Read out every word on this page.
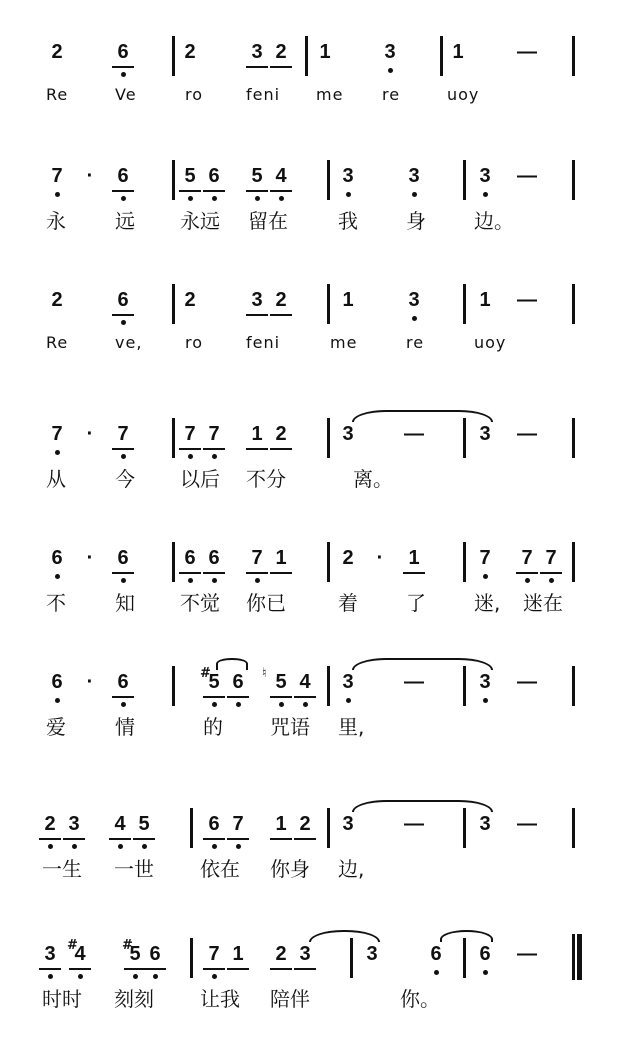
2	6	2	3 2 1	3	1	—
Re	Ve	ro	feni me re	uoy
7 · 6	5 6 5 4	3	3	3 —
永 远 永远 留在	我 身 边。
2	6	2	3 2	1	3	1 —
Re	ve,	ro	feni	me	re	uoy
7 · 7	7 7 1 2	3	—	3 —
从 今 以后 不分	离。
6 · 6	6 6 7 1	2 · 1	7 7 7
不 知 不觉 你已	着 了 迷, 迷在
6 · 6	5 6 5 4 3	—	3 —
#	♮
爱 情	的 咒语 里,
2 3 4 5	6 7 1 2 3	—	3 —
一生 一世 依在 你身 边,
3 4 5 6 7 1 2 3	3	6 6 —
#	#
时时 刻刻 让我 陪伴	你。
